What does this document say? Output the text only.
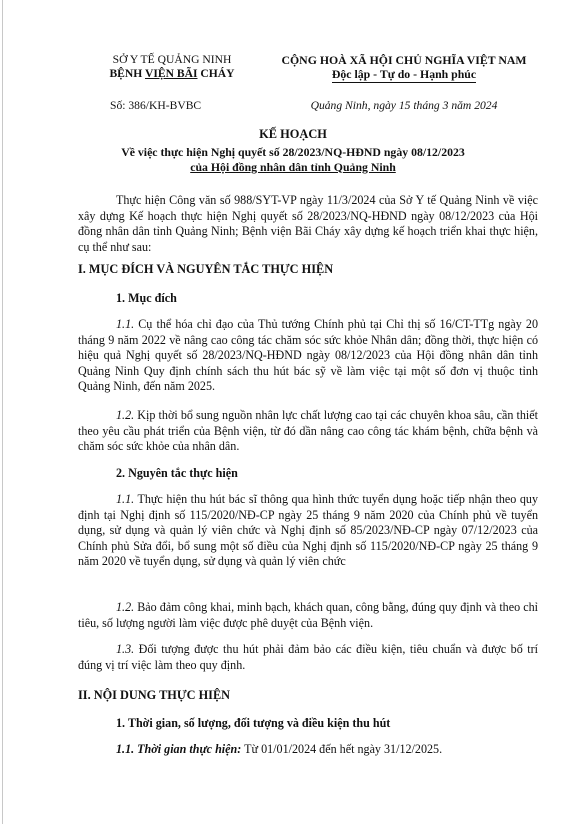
SỞ Y TẾ QUẢNG NINH
BỆNH VIỆN BÃI CHÁY
CỘNG HOÀ XÃ HỘI CHỦ NGHĨA VIỆT NAM
Độc lập - Tự do - Hạnh phúc
Số: 386/KH-BVBC	Quảng Ninh, ngày 15 tháng 3 năm 2024
KẾ HOẠCH
Về việc thực hiện Nghị quyết số 28/2023/NQ-HĐND ngày 08/12/2023
của Hội đồng nhân dân tỉnh Quảng Ninh
Thực hiện Công văn số 988/SYT-VP ngày 11/3/2024 của Sở Y tế Quảng Ninh về việc xây dựng Kế hoạch thực hiện Nghị quyết số 28/2023/NQ-HĐND ngày 08/12/2023 của Hội đồng nhân dân tỉnh Quảng Ninh; Bệnh viện Bãi Cháy xây dựng kế hoạch triển khai thực hiện, cụ thể như sau:
I. MỤC ĐÍCH VÀ NGUYÊN TẮC THỰC HIỆN
1. Mục đích
1.1. Cụ thể hóa chỉ đạo của Thủ tướng Chính phủ tại Chỉ thị số 16/CT-TTg ngày 20 tháng 9 năm 2022 về nâng cao công tác chăm sóc sức khỏe Nhân dân; đồng thời, thực hiện có hiệu quả Nghị quyết số 28/2023/NQ-HĐND ngày 08/12/2023 của Hội đồng nhân dân tỉnh Quảng Ninh Quy định chính sách thu hút bác sỹ về làm việc tại một số đơn vị thuộc tỉnh Quảng Ninh, đến năm 2025.
1.2. Kịp thời bổ sung nguồn nhân lực chất lượng cao tại các chuyên khoa sâu, cần thiết theo yêu cầu phát triển của Bệnh viện, từ đó dần nâng cao công tác khám bệnh, chữa bệnh và chăm sóc sức khỏe của nhân dân.
2. Nguyên tắc thực hiện
1.1. Thực hiện thu hút bác sĩ thông qua hình thức tuyển dụng hoặc tiếp nhận theo quy định tại Nghị định số 115/2020/NĐ-CP ngày 25 tháng 9 năm 2020 của Chính phủ về tuyển dụng, sử dụng và quản lý viên chức và Nghị định số 85/2023/NĐ-CP ngày 07/12/2023 của Chính phủ Sửa đổi, bổ sung một số điều của Nghị định số 115/2020/NĐ-CP ngày 25 tháng 9 năm 2020 về tuyển dụng, sử dụng và quản lý viên chức
1.2. Bảo đảm công khai, minh bạch, khách quan, công bằng, đúng quy định và theo chỉ tiêu, số lượng người làm việc được phê duyệt của Bệnh viện.
1.3. Đối tượng được thu hút phải đảm bảo các điều kiện, tiêu chuẩn và được bố trí đúng vị trí việc làm theo quy định.
II. NỘI DUNG THỰC HIỆN
1. Thời gian, số lượng, đối tượng và điều kiện thu hút
1.1. Thời gian thực hiện: Từ 01/01/2024 đến hết ngày 31/12/2025.
